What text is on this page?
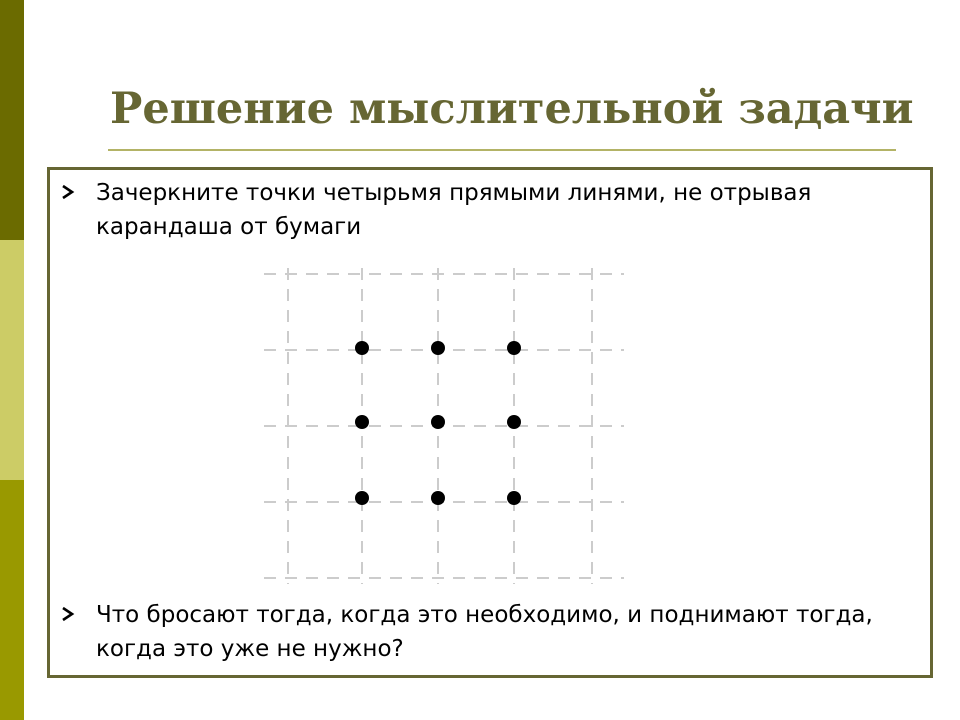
Решение мыслительной задачи
Зачеркните точки четырьмя прямыми линями, не отрывая карандаша от бумаги
Что бросают тогда, когда это необходимо, и поднимают тогда, когда это уже не нужно?
